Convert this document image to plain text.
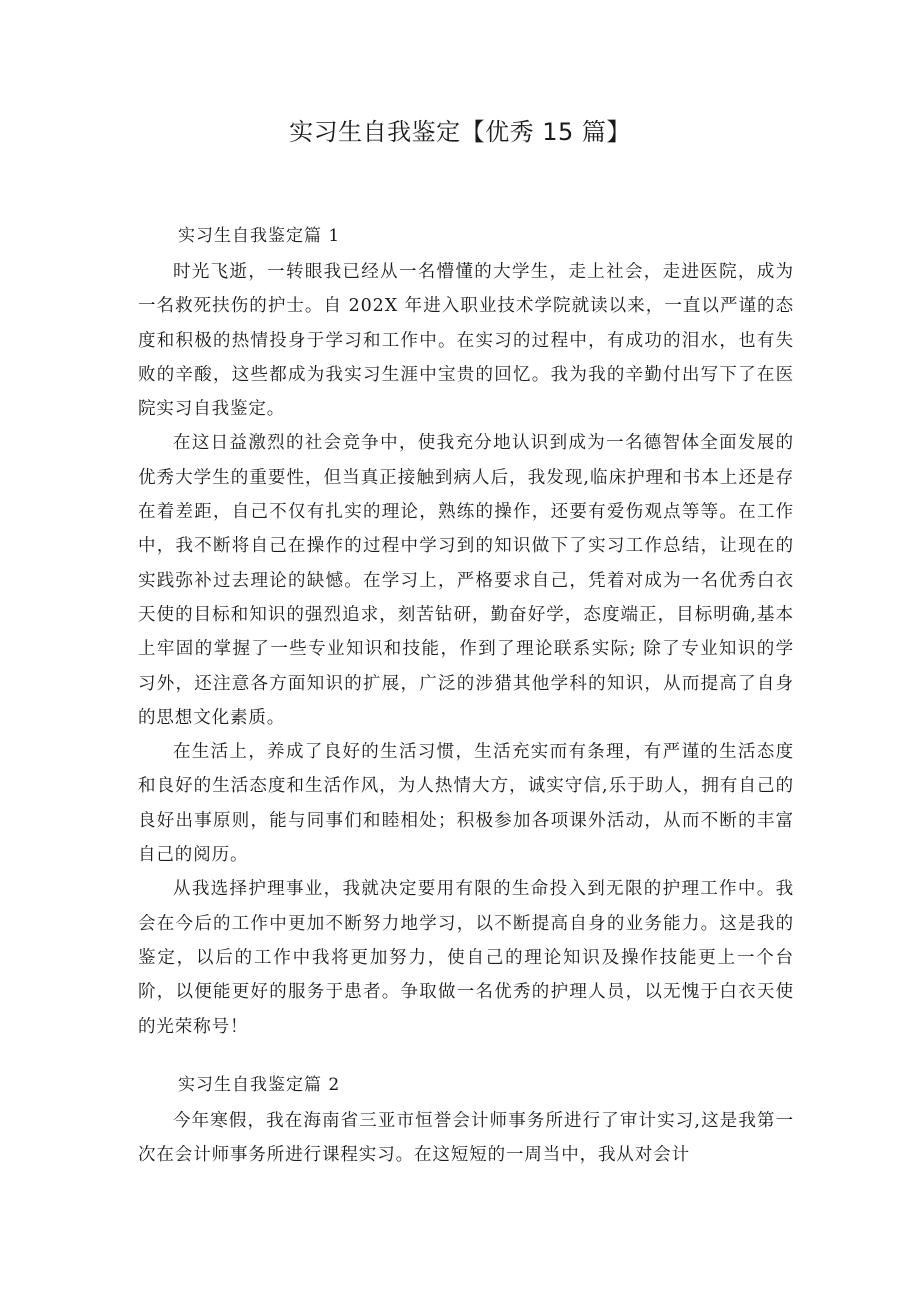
实习生自我鉴定【优秀 15 篇】
实习生自我鉴定篇 1

时光飞逝，一转眼我已经从一名懵懂的大学生，走上社会，走进医院，成为一名救死扶伤的护士。自 202X 年进入职业技术学院就读以来，一直以严谨的态度和积极的热情投身于学习和工作中。在实习的过程中，有成功的泪水，也有失败的辛酸，这些都成为我实习生涯中宝贵的回忆。我为我的辛勤付出写下了在医院实习自我鉴定。

在这日益激烈的社会竞争中，使我充分地认识到成为一名德智体全面发展的优秀大学生的重要性，但当真正接触到病人后，我发现,临床护理和书本上还是存在着差距，自己不仅有扎实的理论，熟练的操作，还要有爱伤观点等等。在工作中，我不断将自己在操作的过程中学习到的知识做下了实习工作总结，让现在的实践弥补过去理论的缺憾。在学习上，严格要求自己，凭着对成为一名优秀白衣天使的目标和知识的强烈追求，刻苦钻研，勤奋好学，态度端正，目标明确,基本上牢固的掌握了一些专业知识和技能，作到了理论联系实际; 除了专业知识的学习外，还注意各方面知识的扩展，广泛的涉猎其他学科的知识，从而提高了自身的思想文化素质。

在生活上，养成了良好的生活习惯，生活充实而有条理，有严谨的生活态度和良好的生活态度和生活作风，为人热情大方，诚实守信,乐于助人，拥有自己的良好出事原则，能与同事们和睦相处；积极参加各项课外活动，从而不断的丰富自己的阅历。

从我选择护理事业，我就决定要用有限的生命投入到无限的护理工作中。我会在今后的工作中更加不断努力地学习，以不断提高自身的业务能力。这是我的鉴定，以后的工作中我将更加努力，使自己的理论知识及操作技能更上一个台阶，以便能更好的服务于患者。争取做一名优秀的护理人员，以无愧于白衣天使的光荣称号！

实习生自我鉴定篇 2

今年寒假，我在海南省三亚市恒誉会计师事务所进行了审计实习,这是我第一次在会计师事务所进行课程实习。在这短短的一周当中，我从对会计
